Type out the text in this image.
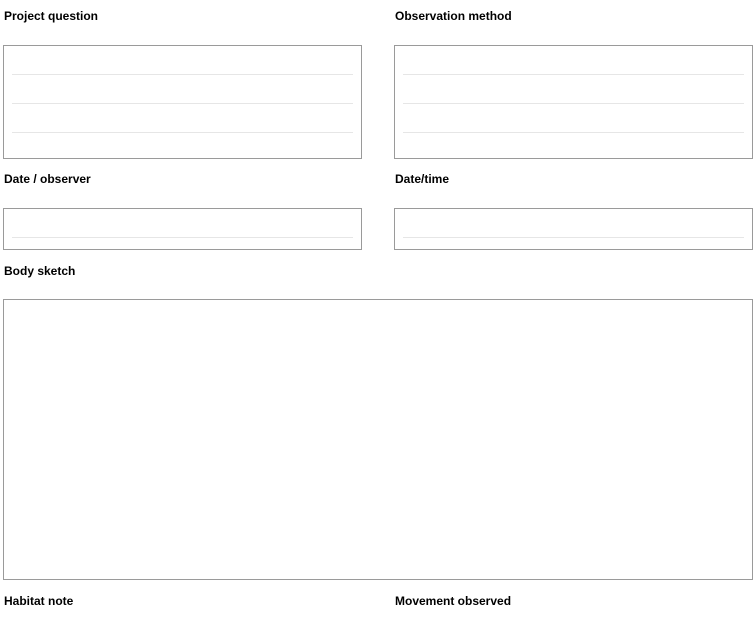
Project question	Observation method
Date / observer	Date/time
Body sketch
Habitat note	Movement observed
